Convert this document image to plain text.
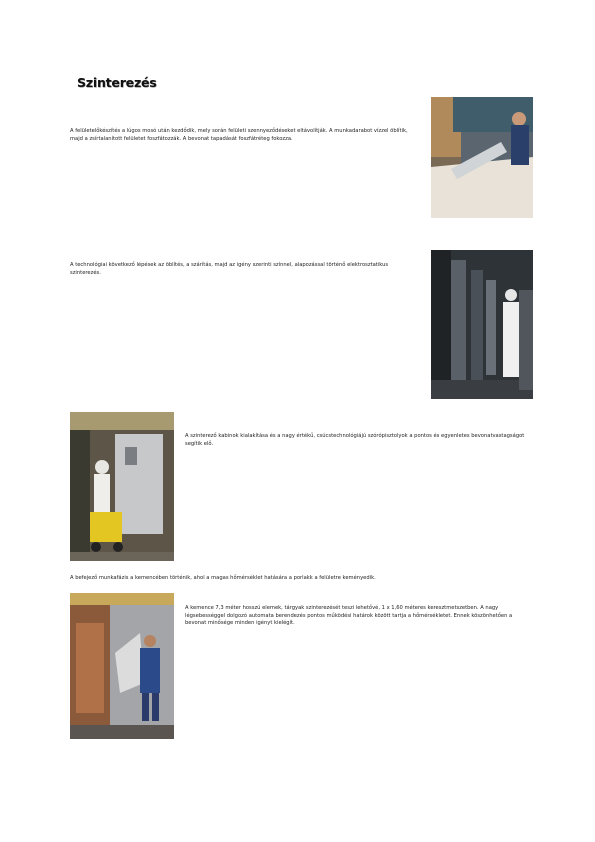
Szinterezés
A felületelőkészítés a lúgos mosó után kezdődik, mely során felületi szennyeződéseket eltávolítják. A munkadarabot vízzel öblítik, majd a zsírtalanított felületet foszfátozzák. A bevonat tapadását foszfátréteg fokozza.
A technológiai következő lépések az öblítés, a szárítás, majd az igény szerinti színnel, alapozással történő elektrosztatikus szinterezés.
A szinterező kabinok kialakítása és a nagy értékű, csúcstechnológiájú szórópisztolyok a pontos és egyenletes bevonatvastagságot segítik elő.
A befejező munkafázis a kemencében történik, ahol a magas hőmérséklet hatására a porlakk a felületre keményedik.
A kemence 7,3 méter hosszú elemek, tárgyak szinterezését teszi lehetővé, 1 x 1,60 méteres keresztmetszetben. A nagy légsebességgel dolgozó automata berendezés pontos működési határok között tartja a hőmérsékletet. Ennek köszönhetően a bevonat minősége minden igényt kielégít.
